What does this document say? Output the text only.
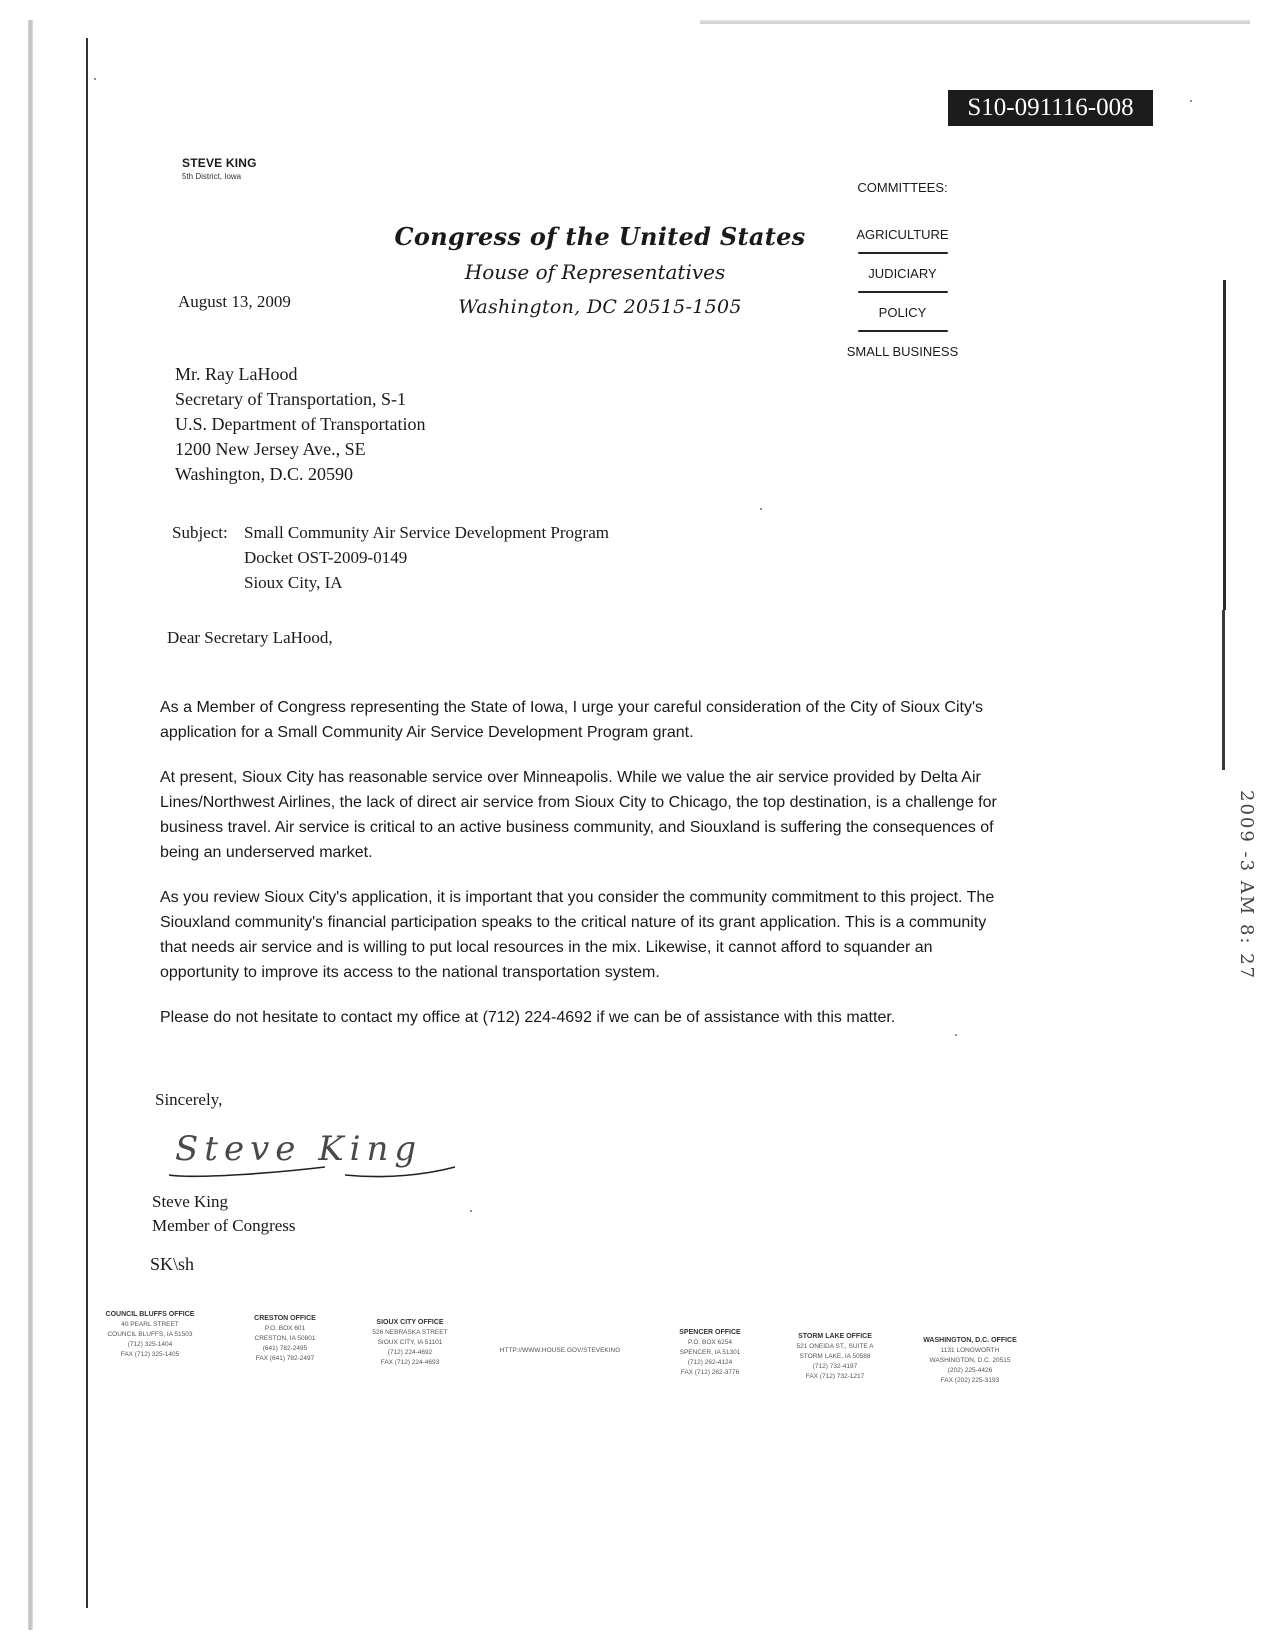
2009 -3 AM 8: 27
S10-091116-008
STEVE KING
5th District, Iowa
Congress of the United States
House of Representatives
Washington, DC 20515-1505
COMMITTEES:
AGRICULTURE
JUDICIARY
POLICY
SMALL BUSINESS
August 13, 2009
Mr. Ray LaHood
Secretary of Transportation, S-1
U.S. Department of Transportation
1200 New Jersey Ave., SE
Washington, D.C. 20590
Subject: Small Community Air Service Development Program
Docket OST-2009-0149
Sioux City, IA
Dear Secretary LaHood,

As a Member of Congress representing the State of Iowa, I urge your careful consideration of the City of Sioux City's application for a Small Community Air Service Development Program grant.

At present, Sioux City has reasonable service over Minneapolis. While we value the air service provided by Delta Air Lines/Northwest Airlines, the lack of direct air service from Sioux City to Chicago, the top destination, is a challenge for business travel. Air service is critical to an active business community, and Siouxland is suffering the consequences of being an underserved market.

As you review Sioux City's application, it is important that you consider the community commitment to this project. The Siouxland community's financial participation speaks to the critical nature of its grant application. This is a community that needs air service and is willing to put local resources in the mix. Likewise, it cannot afford to squander an opportunity to improve its access to the national transportation system.

Please do not hesitate to contact my office at (712) 224-4692 if we can be of assistance with this matter.

Sincerely,
Steve King
Steve King
Member of Congress
SK\sh
COUNCIL BLUFFS OFFICE
40 PEARL STREET
COUNCIL BLUFFS, IA 51503
(712) 325-1404
FAX (712) 325-1405
CRESTON OFFICE
P.O. BOX 601
CRESTON, IA 50801
(641) 782-2495
FAX (641) 782-2497
SIOUX CITY OFFICE
526 NEBRASKA STREET
SIOUX CITY, IA 51101
(712) 224-4692
FAX (712) 224-4693
HTTP://WWW.HOUSE.GOV/STEVEKING
SPENCER OFFICE
P.O. BOX 6254
SPENCER, IA 51301
(712) 262-4124
FAX (712) 262-3776
STORM LAKE OFFICE
521 ONEIDA ST., SUITE A
STORM LAKE, IA 50588
(712) 732-4197
FAX (712) 732-1217
WASHINGTON, D.C. OFFICE
1131 LONGWORTH
WASHINGTON, D.C. 20515
(202) 225-4426
FAX (202) 225-3193
